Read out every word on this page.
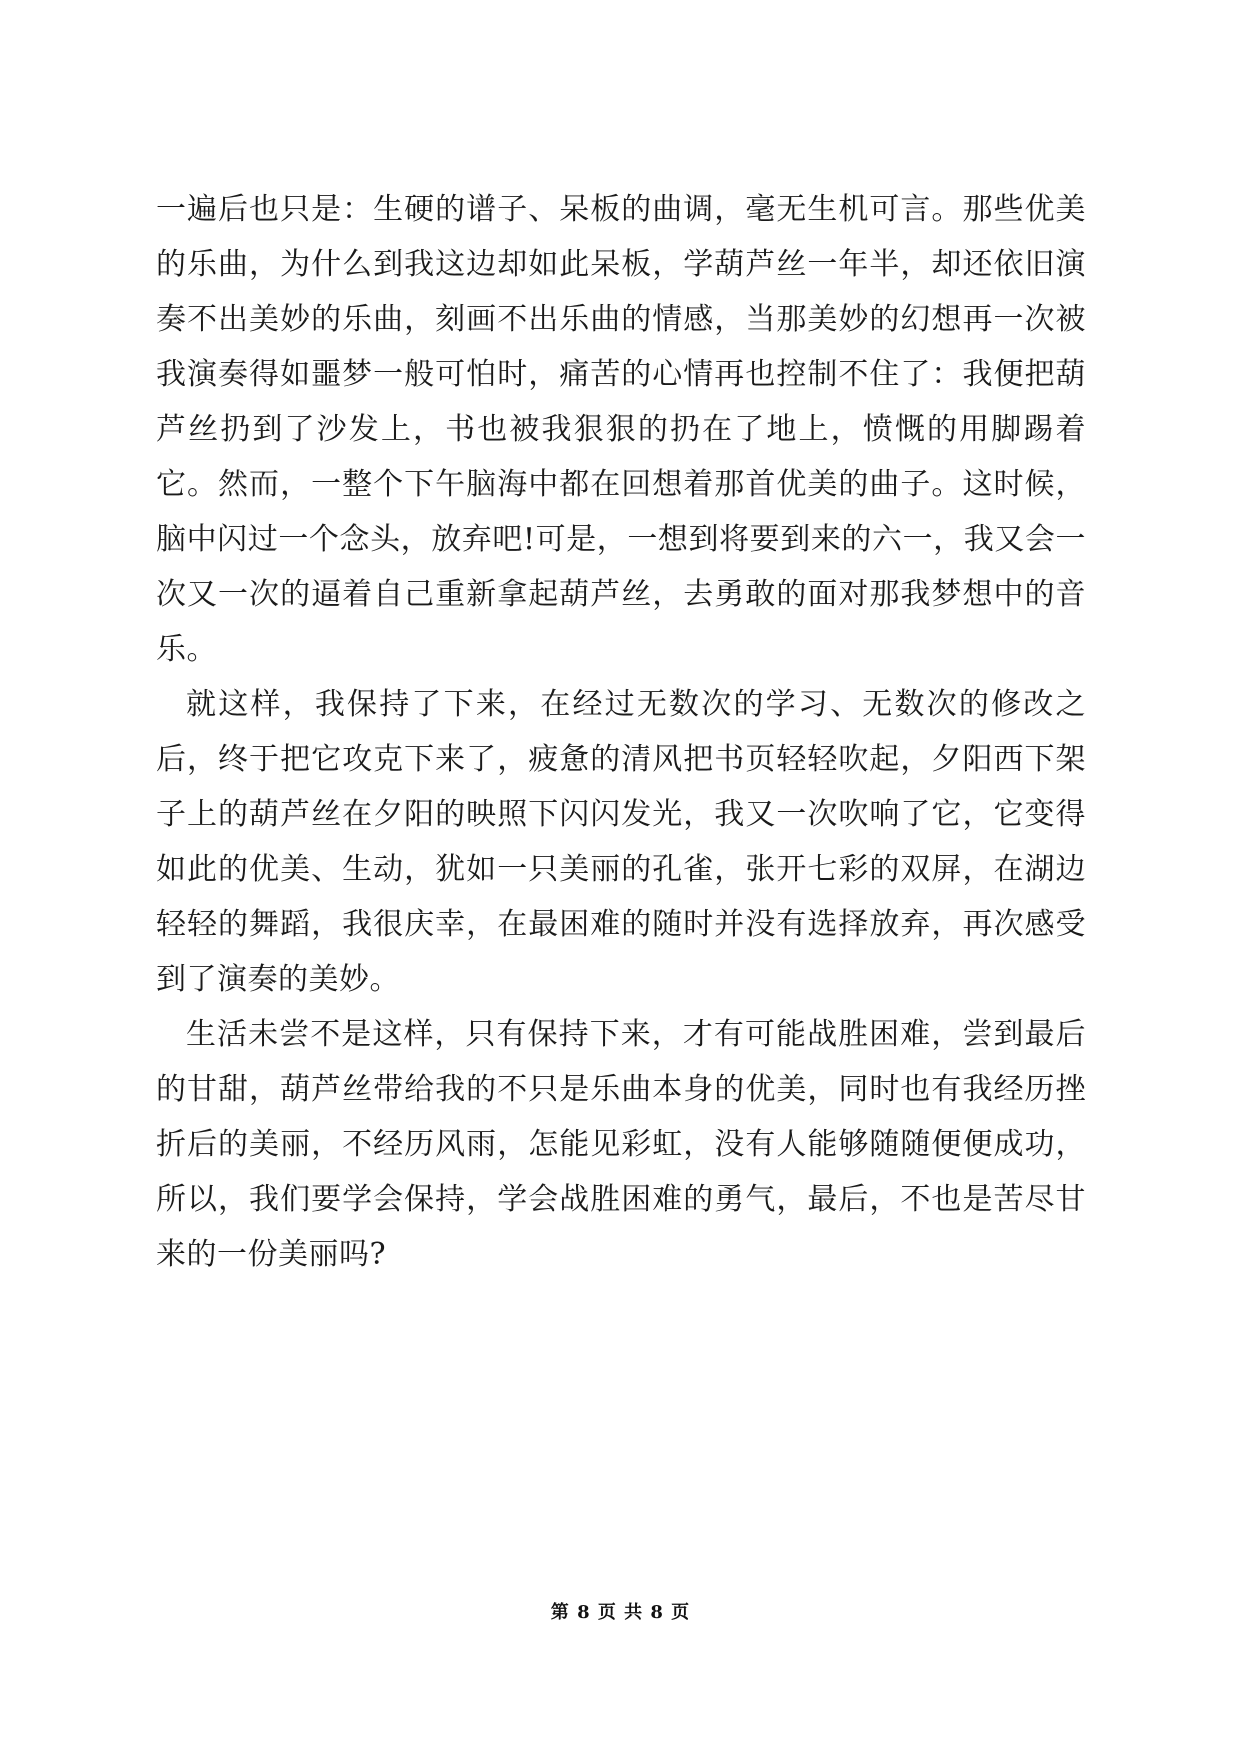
一遍后也只是：生硬的谱子、呆板的曲调，毫无生机可言。那些优美的乐曲，为什么到我这边却如此呆板，学葫芦丝一年半，却还依旧演奏不出美妙的乐曲，刻画不出乐曲的情感，当那美妙的幻想再一次被我演奏得如噩梦一般可怕时，痛苦的心情再也控制不住了：我便把葫芦丝扔到了沙发上，书也被我狠狠的扔在了地上，愤慨的用脚踢着它。然而，一整个下午脑海中都在回想着那首优美的曲子。这时候，脑中闪过一个念头，放弃吧!可是，一想到将要到来的六一，我又会一次又一次的逼着自己重新拿起葫芦丝，去勇敢的面对那我梦想中的音乐。

就这样，我保持了下来，在经过无数次的学习、无数次的修改之后，终于把它攻克下来了，疲惫的清风把书页轻轻吹起，夕阳西下架子上的葫芦丝在夕阳的映照下闪闪发光，我又一次吹响了它，它变得如此的优美、生动，犹如一只美丽的孔雀，张开七彩的双屏，在湖边轻轻的舞蹈，我很庆幸，在最困难的随时并没有选择放弃，再次感受到了演奏的美妙。

生活未尝不是这样，只有保持下来，才有可能战胜困难，尝到最后的甘甜，葫芦丝带给我的不只是乐曲本身的优美，同时也有我经历挫折后的美丽，不经历风雨，怎能见彩虹，没有人能够随随便便成功，所以，我们要学会保持，学会战胜困难的勇气，最后，不也是苦尽甘来的一份美丽吗?

第 8 页 共 8 页
